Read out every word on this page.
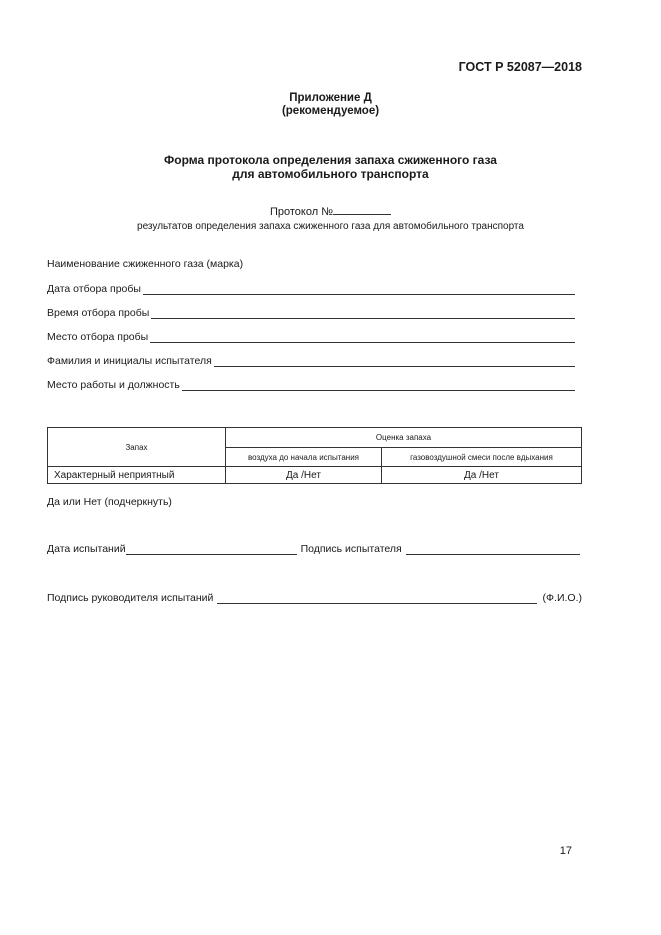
ГОСТ Р 52087—2018
Приложение Д
(рекомендуемое)
Форма протокола определения запаха сжиженного газа
для автомобильного транспорта
Протокол №
результатов определения запаха сжиженного газа для автомобильного транспорта
Наименование сжиженного газа (марка)
Дата отбора пробы
Время отбора пробы
Место отбора пробы
Фамилия и инициалы испытателя
Место работы и должность
Запах	Оценка запаха	
	воздуха до начала испытания	газовоздушной смеси после вдыхания
Характерный неприятный	Да /Нет	Да /Нет
Да или Нет (подчеркнуть)
Дата испытаний	Подпись испытателя
Подпись руководителя испытаний	(Ф.И.О.)
17
